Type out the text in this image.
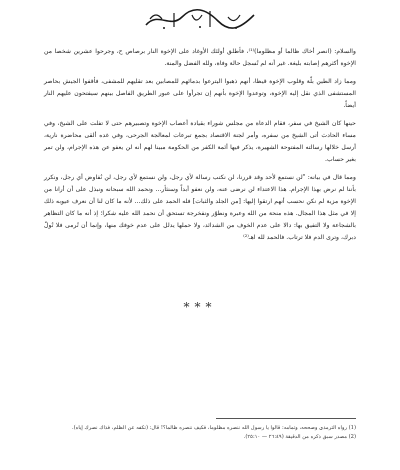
والسلام: (انصر أخاك ظالما أو مظلوما)⁽¹⁾، فأطلق أولئك الأوغاد على الإخوة النار برصاص ح، وجرحوا عشرين شخصا من الإخوة أكثرهم إصابته بليغة. غير أنه لم تُسجل حالة وفاة، ولله الفضل والمنة.

ومما زاد الطين بلّة وقلوب الإخوة قيظا، أنهم ذهبوا اليترعوا بدمائهم للمصابين بعد تقليهم للمشفى، فأقفوا الجيش بحاصر المستشفى الذي نقل إليه الإخوة، وتوعدوا الإخوة بأنهم إن تجرأوا على عبور الطريق الفاصل بينهم سيفتحون عليهم النار أيضاً.

حينها كان الشيخ في سفر، فقام الدعاة من مجلس شوراء بقيادة أعصاب الإخوة وتصبيرهم حتى لا تفلت على الشيخ، وفي مساء الحادث أتى الشيخ من سفره، وأمر لجنة الاقتصاد بجمع تبرعات لمعالجة الجرحى، وفي غده ألقى محاضرة نارية، أرسل خلالها رسالته المفتوحة الشهيرة، يذكر فيها أئمة الكفر من الحكومة مبينا لهم أنه لن يعفو عن هذه الإجرام، ولن تمر بغير حساب.

ومما قال في بيانه: "لن نستمع لأحد وقد قررنا، لن نكتب رسالة لأي رجل، ولن نستمع لأي رجل، لن نُفاوض أي رجل، ونكرر بأننا لم نرض بهذا الإجرام. هذا الاعتداء لن نرضى عنه، ولن نعفو أبداً وسنثأر... ونحمد الله سبحانه ونبذل على أن أرانا من الإخوة مزية لم نكن نحسب أنهم ارتقوا إليها: [من الجلد والثبات] فله الحمد على ذلك... لأنه ما كان لنا أن نعرف عيوبه ذلك إلا في مثل هذا المجال. هذه منحة من الله وعبرة ونطوّر ونفخرجة تستحق أن نحمد الله عليه شكرا؛ إذ أنه ما كان التظاهر بالشجاعة ولا التفيق بها: دالا على عدم الخوف من الشدائد، ولا حملها يدلل على عدم خوفك منها، وإنما أن تُرمى فلا تُولّ دبرك، وترى الدم فلا ترتاب. فالحمد لله اهـ⁽²⁾

***
(1) رواه الترمذي وصححه، وتمامه: قالوا يا رسول الله ننصره مظلوما، فكيف ننصره ظالما؟! قال: (تكفه عن الظلم، فذاك نصرك إياه).
(2) مصدر سبق ذكره من الدقيقة (٢٦:٤٩ — ٢٥:١٠).
